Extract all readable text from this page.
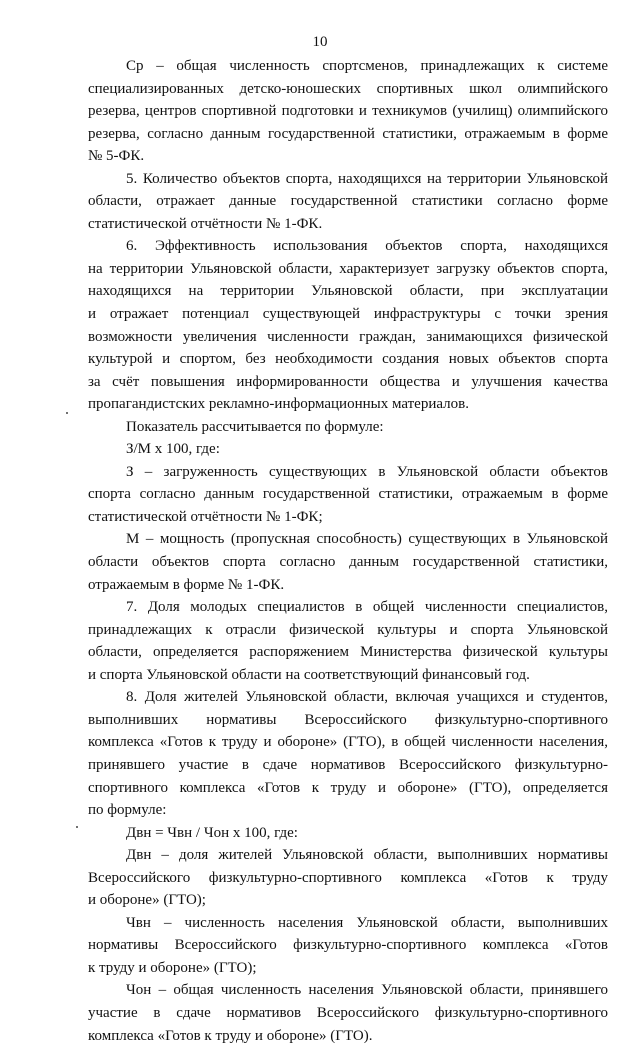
10
Ср – общая численность спортсменов, принадлежащих к системе
специализированных детско-юношеских спортивных школ олимпийского
резерва, центров спортивной подготовки и техникумов (училищ) олимпийского
резерва, согласно данным государственной статистики, отражаемым в форме
№ 5-ФК.
5. Количество объектов спорта, находящихся на территории Ульяновской
области, отражает данные государственной статистики согласно форме
статистической отчётности № 1-ФК.
6. Эффективность использования объектов спорта, находящихся
на территории Ульяновской области, характеризует загрузку объектов спорта,
находящихся на территории Ульяновской области, при эксплуатации
и отражает потенциал существующей инфраструктуры с точки зрения
возможности увеличения численности граждан, занимающихся физической
культурой и спортом, без необходимости создания новых объектов спорта
за счёт повышения информированности общества и улучшения качества
пропагандистских рекламно-информационных материалов.
Показатель рассчитывается по формуле:
З/М х 100, где:
З – загруженность существующих в Ульяновской области объектов
спорта согласно данным государственной статистики, отражаемым в форме
статистической отчётности № 1-ФК;
М – мощность (пропускная способность) существующих в Ульяновской
области объектов спорта согласно данным государственной статистики,
отражаемым в форме № 1-ФК.
7. Доля молодых специалистов в общей численности специалистов,
принадлежащих к отрасли физической культуры и спорта Ульяновской
области, определяется распоряжением Министерства физической культуры
и спорта Ульяновской области на соответствующий финансовый год.
8. Доля жителей Ульяновской области, включая учащихся и студентов,
выполнивших нормативы Всероссийского физкультурно-спортивного
комплекса «Готов к труду и обороне» (ГТО), в общей численности населения,
принявшего участие в сдаче нормативов Всероссийского физкультурно-
спортивного комплекса «Готов к труду и обороне» (ГТО), определяется
по формуле:
Двн = Чвн / Чон х 100, где:
Двн – доля жителей Ульяновской области, выполнивших нормативы
Всероссийского физкультурно-спортивного комплекса «Готов к труду
и обороне» (ГТО);
Чвн – численность населения Ульяновской области, выполнивших
нормативы Всероссийского физкультурно-спортивного комплекса «Готов
к труду и обороне» (ГТО);
Чон – общая численность населения Ульяновской области, принявшего
участие в сдаче нормативов Всероссийского физкультурно-спортивного
комплекса «Готов к труду и обороне» (ГТО).
